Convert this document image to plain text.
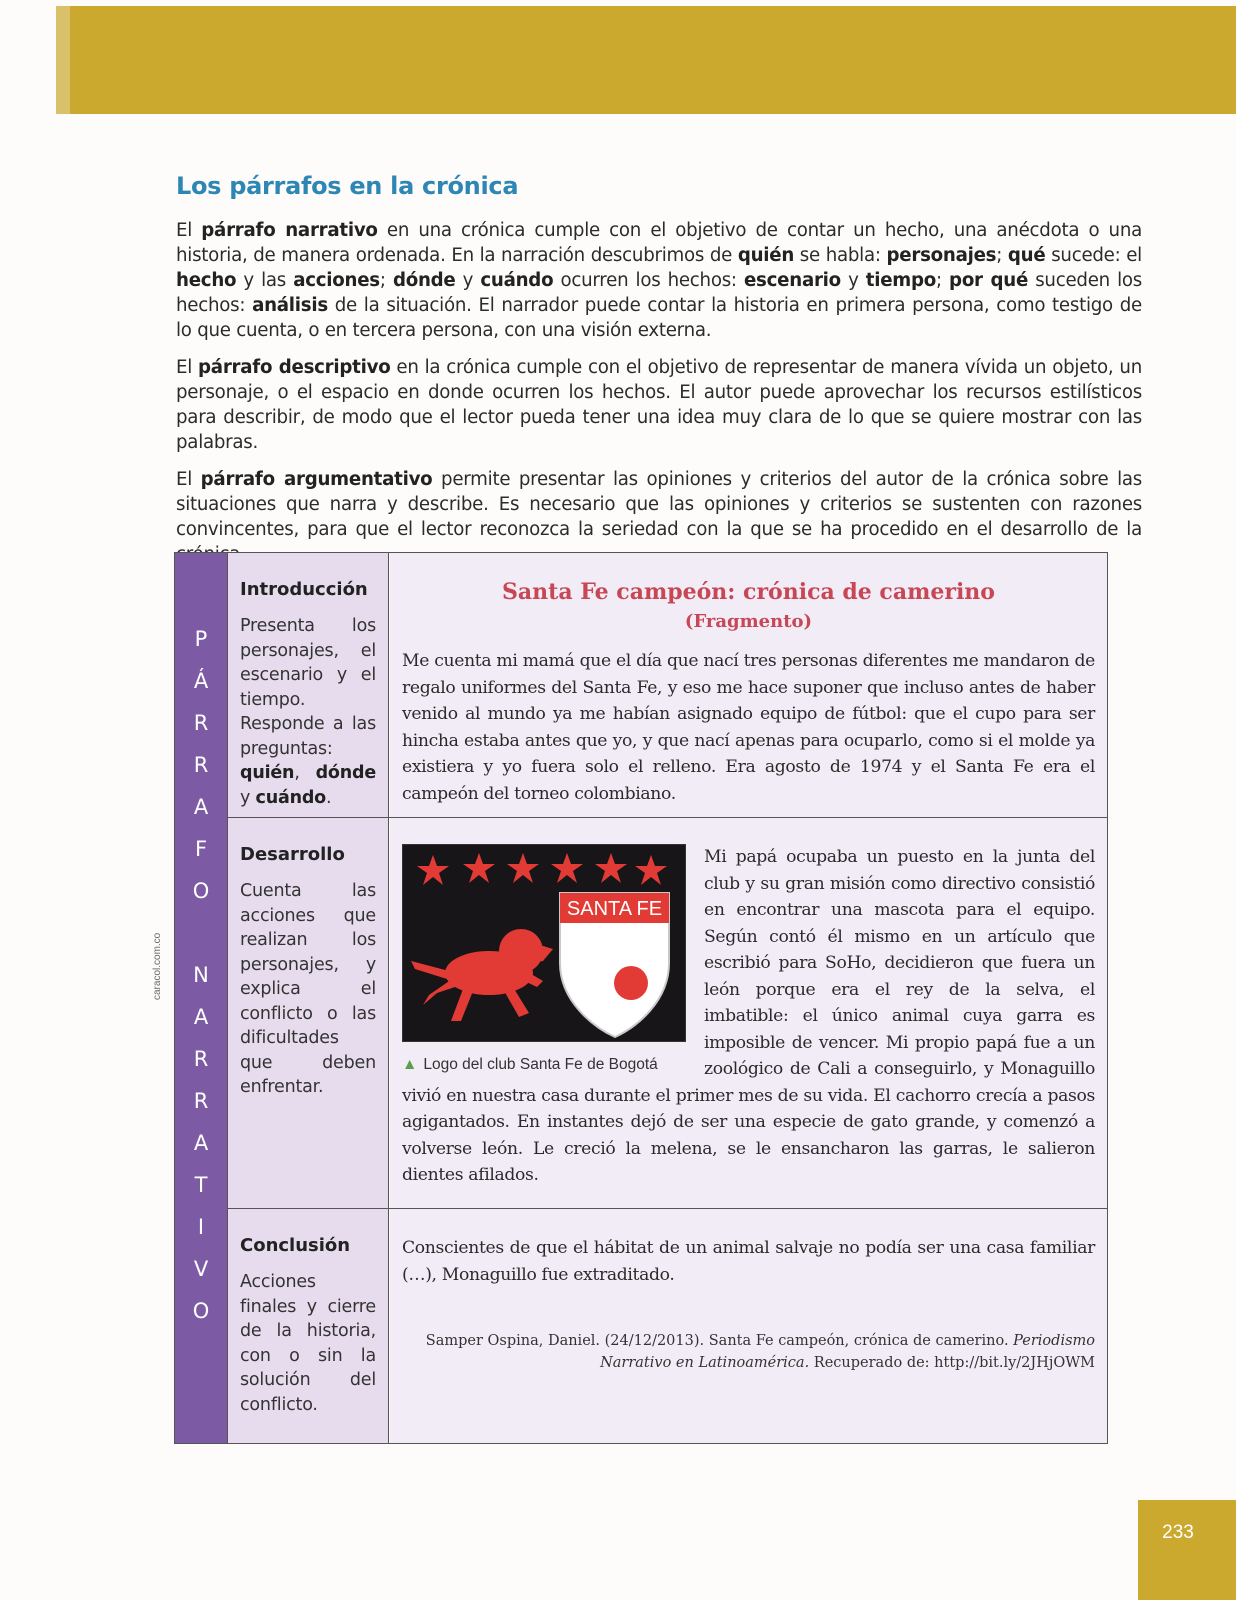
Los párrafos en la crónica

El párrafo narrativo en una crónica cumple con el objetivo de contar un hecho, una anécdota o una historia, de manera ordenada. En la narración descubrimos de quién se habla: personajes; qué sucede: el hecho y las acciones; dónde y cuándo ocurren los hechos: escenario y tiempo; por qué suceden los hechos: análisis de la situación. El narrador puede contar la historia en primera persona, como testigo de lo que cuenta, o en tercera persona, con una visión externa.

El párrafo descriptivo en la crónica cumple con el objetivo de representar de manera vívida un objeto, un personaje, o el espacio en donde ocurren los hechos. El autor puede aprovechar los recursos estilísticos para describir, de modo que el lector pueda tener una idea muy clara de lo que se quiere mostrar con las palabras.

El párrafo argumentativo permite presentar las opiniones y criterios del autor de la crónica sobre las situaciones que narra y describe. Es necesario que las opiniones y criterios se sustenten con razones convincentes, para que el lector reconozca la seriedad con la que se ha procedido en el desarrollo de la

caracol.com.co
P
Á
R
R
A
F
O
N
A
R
R
A
T
I
V
O
Introducción
Presenta los personajes, el escenario y el tiempo. Responde a las preguntas: quién, dónde y cuándo.
Santa Fe campeón: crónica de camerino
(Fragmento)

Me cuenta mi mamá que el día que nací tres personas diferentes me mandaron de regalo uniformes del Santa Fe, y eso me hace suponer que incluso antes de haber venido al mundo ya me habían asignado equipo de fútbol: que el cupo para ser hincha estaba antes que yo, y que nací apenas para ocuparlo, como si el molde ya existiera y yo fuera solo el relleno. Era agosto de 1974 y el Santa Fe era el campeón del torneo colombiano.

Desarrollo
Cuenta las acciones que realizan los personajes, y explica el conflicto o las dificultades que deben enfrentar.
SANTA FE
▲ Logo del club Santa Fe de Bogotá

Mi papá ocupaba un puesto en la junta del club y su gran misión como directivo consistió en encontrar una mascota para el equipo. Según contó él mismo en un artículo que escribió para SoHo, decidieron que fuera un león porque era el rey de la selva, el imbatible: el único animal cuya garra es imposible de vencer. Mi propio papá fue a un zoológico de Cali a conseguirlo, y Monaguillo vivió en nuestra casa durante el primer mes de su vida. El cachorro crecía a pasos agigantados. En instantes dejó de ser una especie de gato grande, y comenzó a volverse león. Le creció la melena, se le ensancharon las garras, le salieron dientes afilados.

Conclusión
Acciones finales y cierre de la historia, con o sin la solución del conflicto.

Conscientes de que el hábitat de un animal salvaje no podía ser una casa familiar (…), Monaguillo fue extraditado.

Samper Ospina, Daniel. (24/12/2013). Santa Fe campeón, crónica de camerino. Periodismo Narrativo en Latinoamérica. Recuperado de: http://bit.ly/2JHjOWM
233
